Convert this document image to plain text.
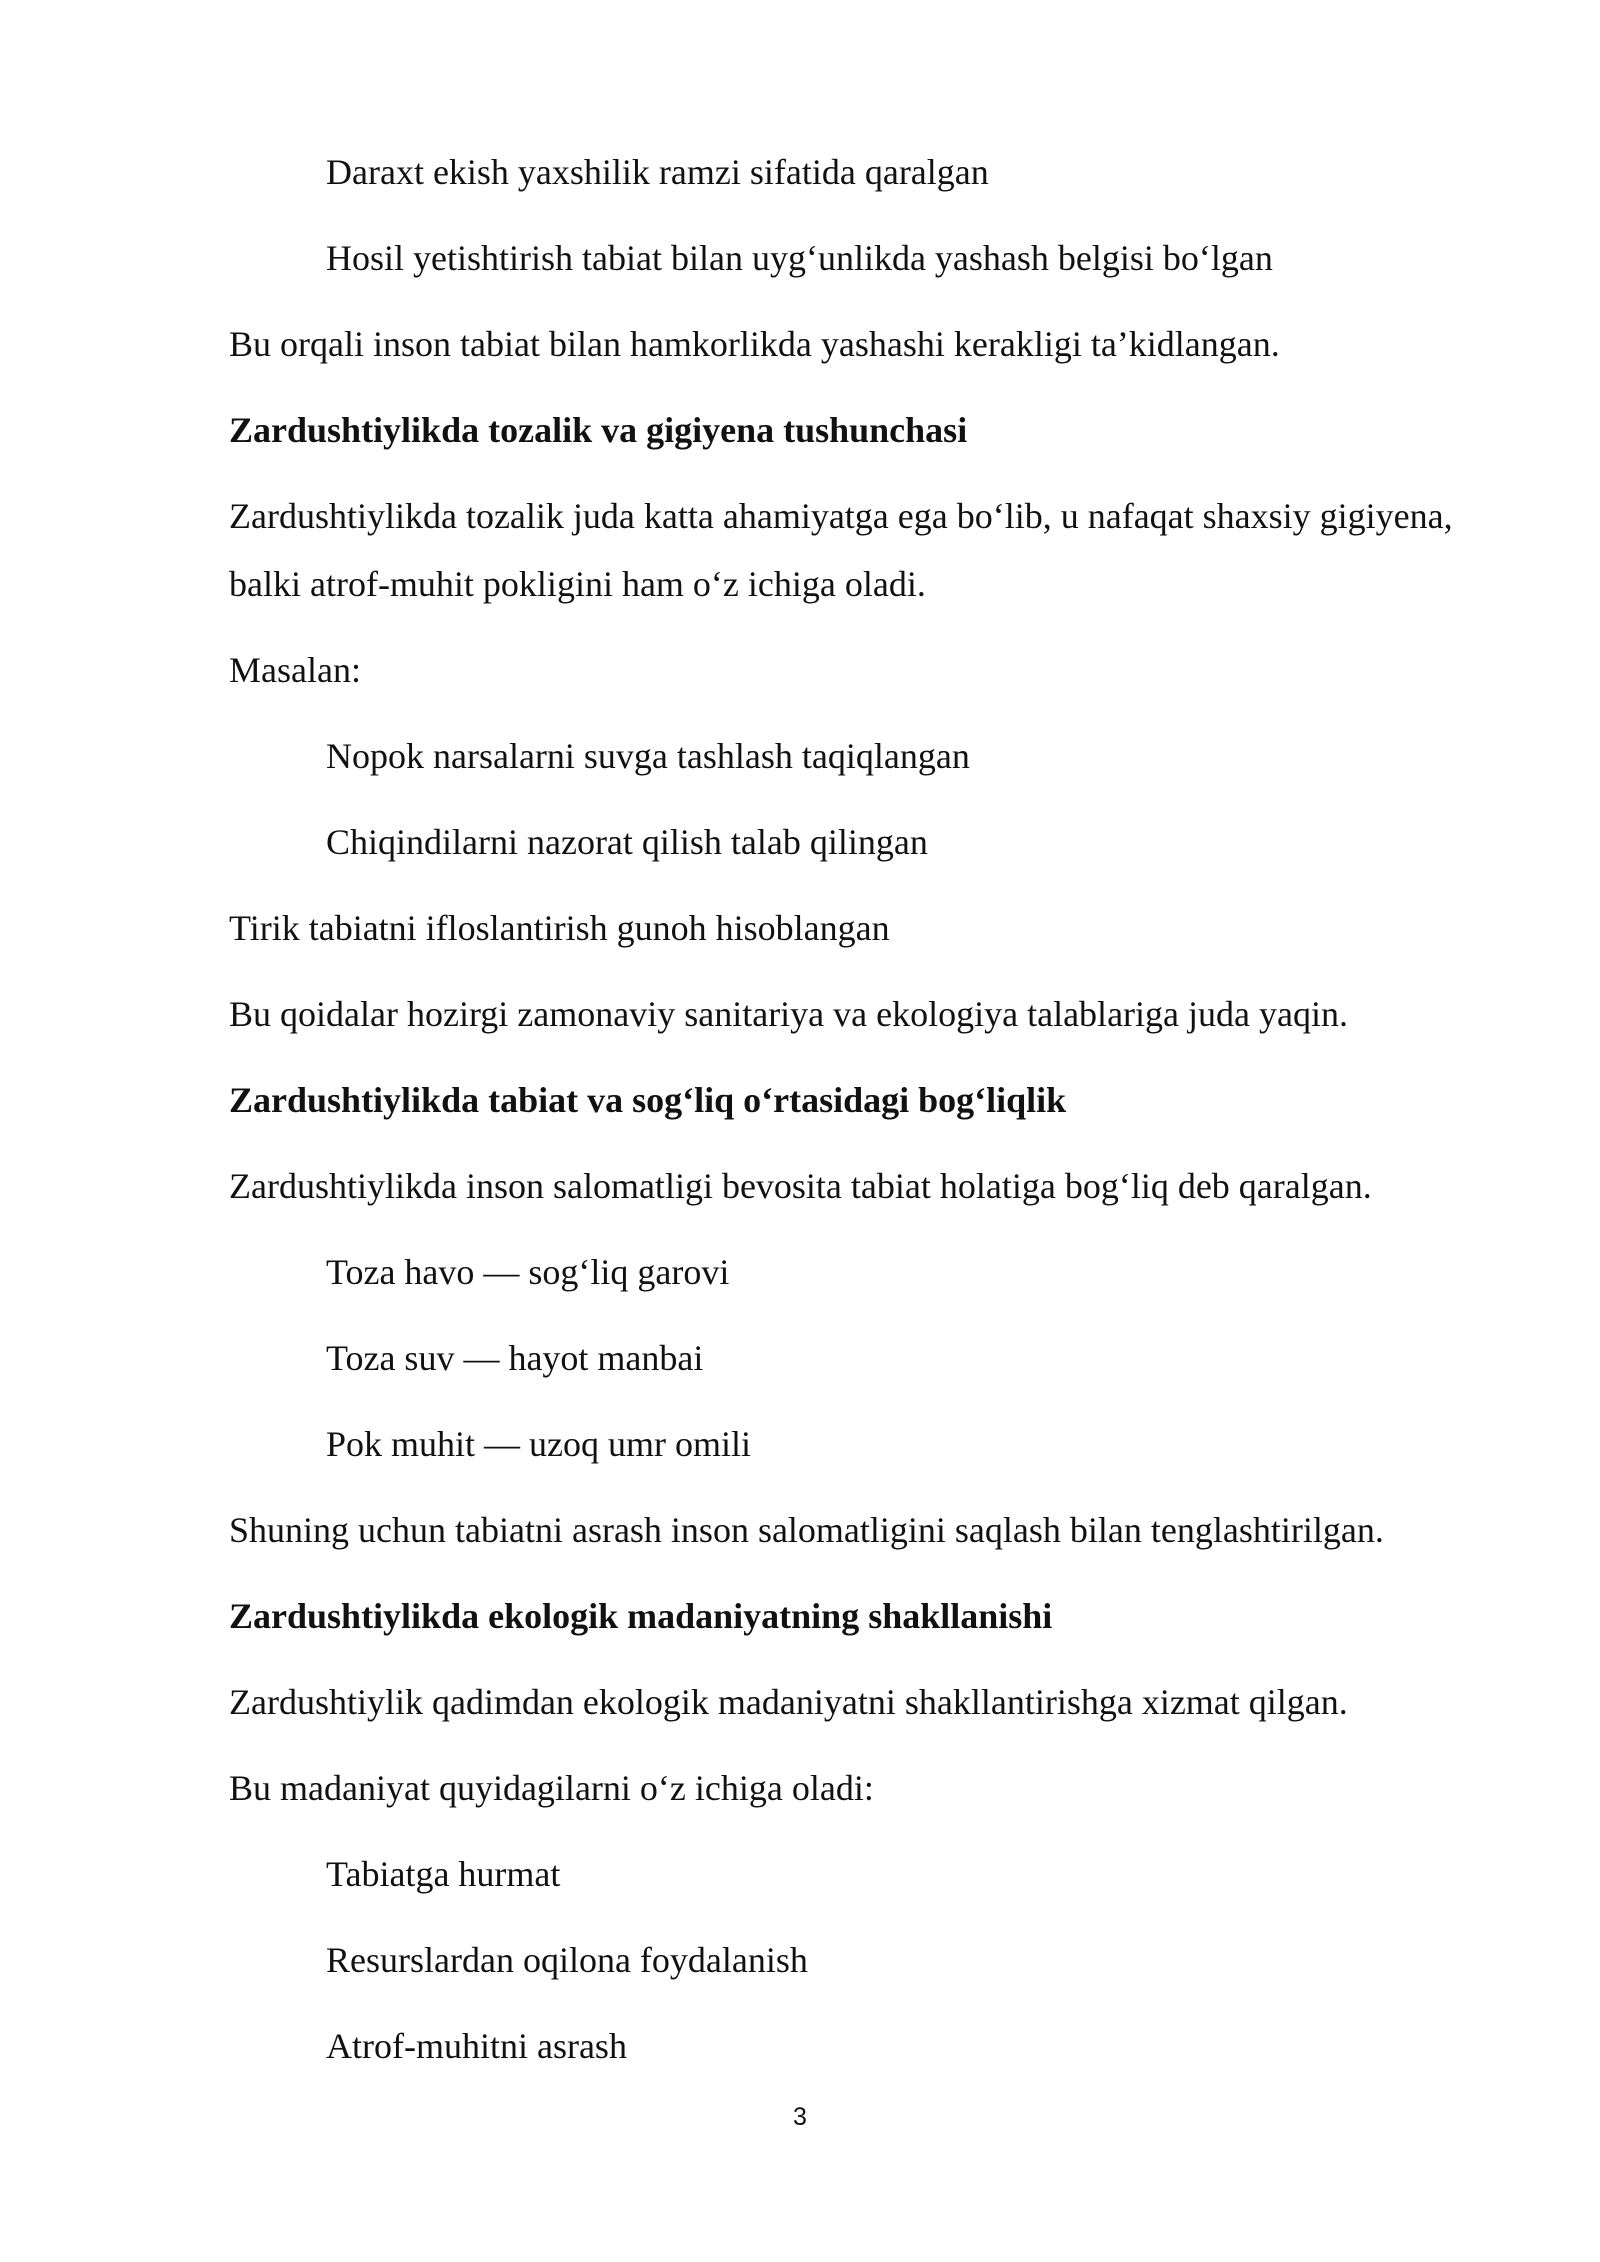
Daraxt ekish yaxshilik ramzi sifatida qaralgan
Hosil yetishtirish tabiat bilan uyg‘unlikda yashash belgisi bo‘lgan
Bu orqali inson tabiat bilan hamkorlikda yashashi kerakligi ta’kidlangan.
Zardushtiylikda tozalik va gigiyena tushunchasi
Zardushtiylikda tozalik juda katta ahamiyatga ega bo‘lib, u nafaqat shaxsiy gigiyena,
balki atrof-muhit pokligini ham o‘z ichiga oladi.
Masalan:
Nopok narsalarni suvga tashlash taqiqlangan
Chiqindilarni nazorat qilish talab qilingan
Tirik tabiatni ifloslantirish gunoh hisoblangan
Bu qoidalar hozirgi zamonaviy sanitariya va ekologiya talablariga juda yaqin.
Zardushtiylikda tabiat va sog‘liq o‘rtasidagi bog‘liqlik
Zardushtiylikda inson salomatligi bevosita tabiat holatiga bog‘liq deb qaralgan.
Toza havo — sog‘liq garovi
Toza suv — hayot manbai
Pok muhit — uzoq umr omili
Shuning uchun tabiatni asrash inson salomatligini saqlash bilan tenglashtirilgan.
Zardushtiylikda ekologik madaniyatning shakllanishi
Zardushtiylik qadimdan ekologik madaniyatni shakllantirishga xizmat qilgan.
Bu madaniyat quyidagilarni o‘z ichiga oladi:
Tabiatga hurmat
Resurslardan oqilona foydalanish
Atrof-muhitni asrash
3
